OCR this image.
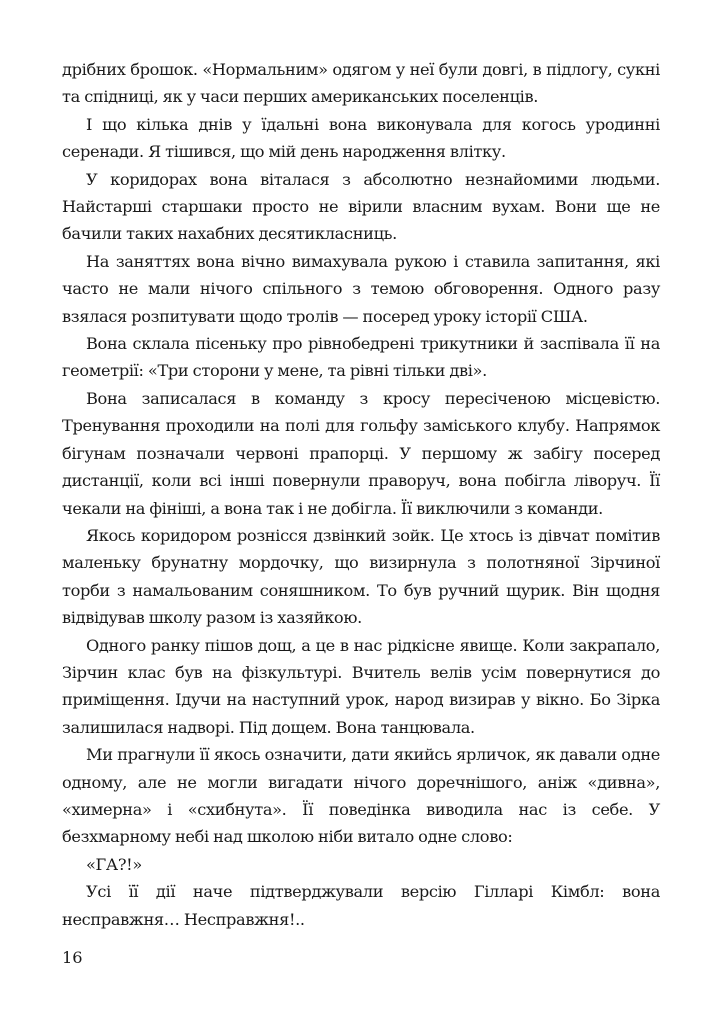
дрібних брошок. «Нормальним» одягом у неї були довгі, в підлогу, сукні та спідниці, як у часи перших американських поселенців.

І що кілька днів у їдальні вона виконувала для когось уродинні серенади. Я тішився, що мій день народження влітку.

У коридорах вона віталася з абсолютно незнайомими людьми. Найстарші старшаки просто не вірили власним вухам. Вони ще не бачили таких нахабних десятикласниць.

На заняттях вона вічно вимахувала рукою і ставила запитання, які часто не мали нічого спільного з темою обговорення. Одного разу взялася розпитувати щодо тролів — посеред уроку історії США.

Вона склала пісеньку про рівнобедрені трикутники й заспівала її на геометрії: «Три сторони у мене, та рівні тільки дві».

Вона записалася в команду з кросу пересіченою місцевістю. Тренування проходили на полі для гольфу заміського клубу. Напрямок бігунам позначали червоні прапорці. У першому ж забігу посеред дистанції, коли всі інші повернули праворуч, вона побігла ліворуч. Її чекали на фініші, а вона так і не добігла. Її виключили з команди.

Якось коридором рознісся дзвінкий зойк. Це хтось із дівчат помітив маленьку брунатну мордочку, що визирнула з полотняної Зірчиної торби з намальованим соняшником. То був ручний щурик. Він щодня відвідував школу разом із хазяйкою.

Одного ранку пішов дощ, а це в нас рідкісне явище. Коли закрапало, Зірчин клас був на фізкультурі. Вчитель велів усім повернутися до приміщення. Ідучи на наступний урок, народ визирав у вікно. Бо Зірка залишилася надворі. Під дощем. Вона танцювала.

Ми прагнули її якось означити, дати якийсь ярличок, як давали одне одному, але не могли вигадати нічого доречнішого, аніж «дивна», «химерна» і «схибнута». Її поведінка виводила нас із себе. У безхмарному небі над школою ніби витало одне слово:

«ГА?!»

Усі її дії наче підтверджували версію Гілларі Кімбл: вона несправжня… Несправжня!..

16
